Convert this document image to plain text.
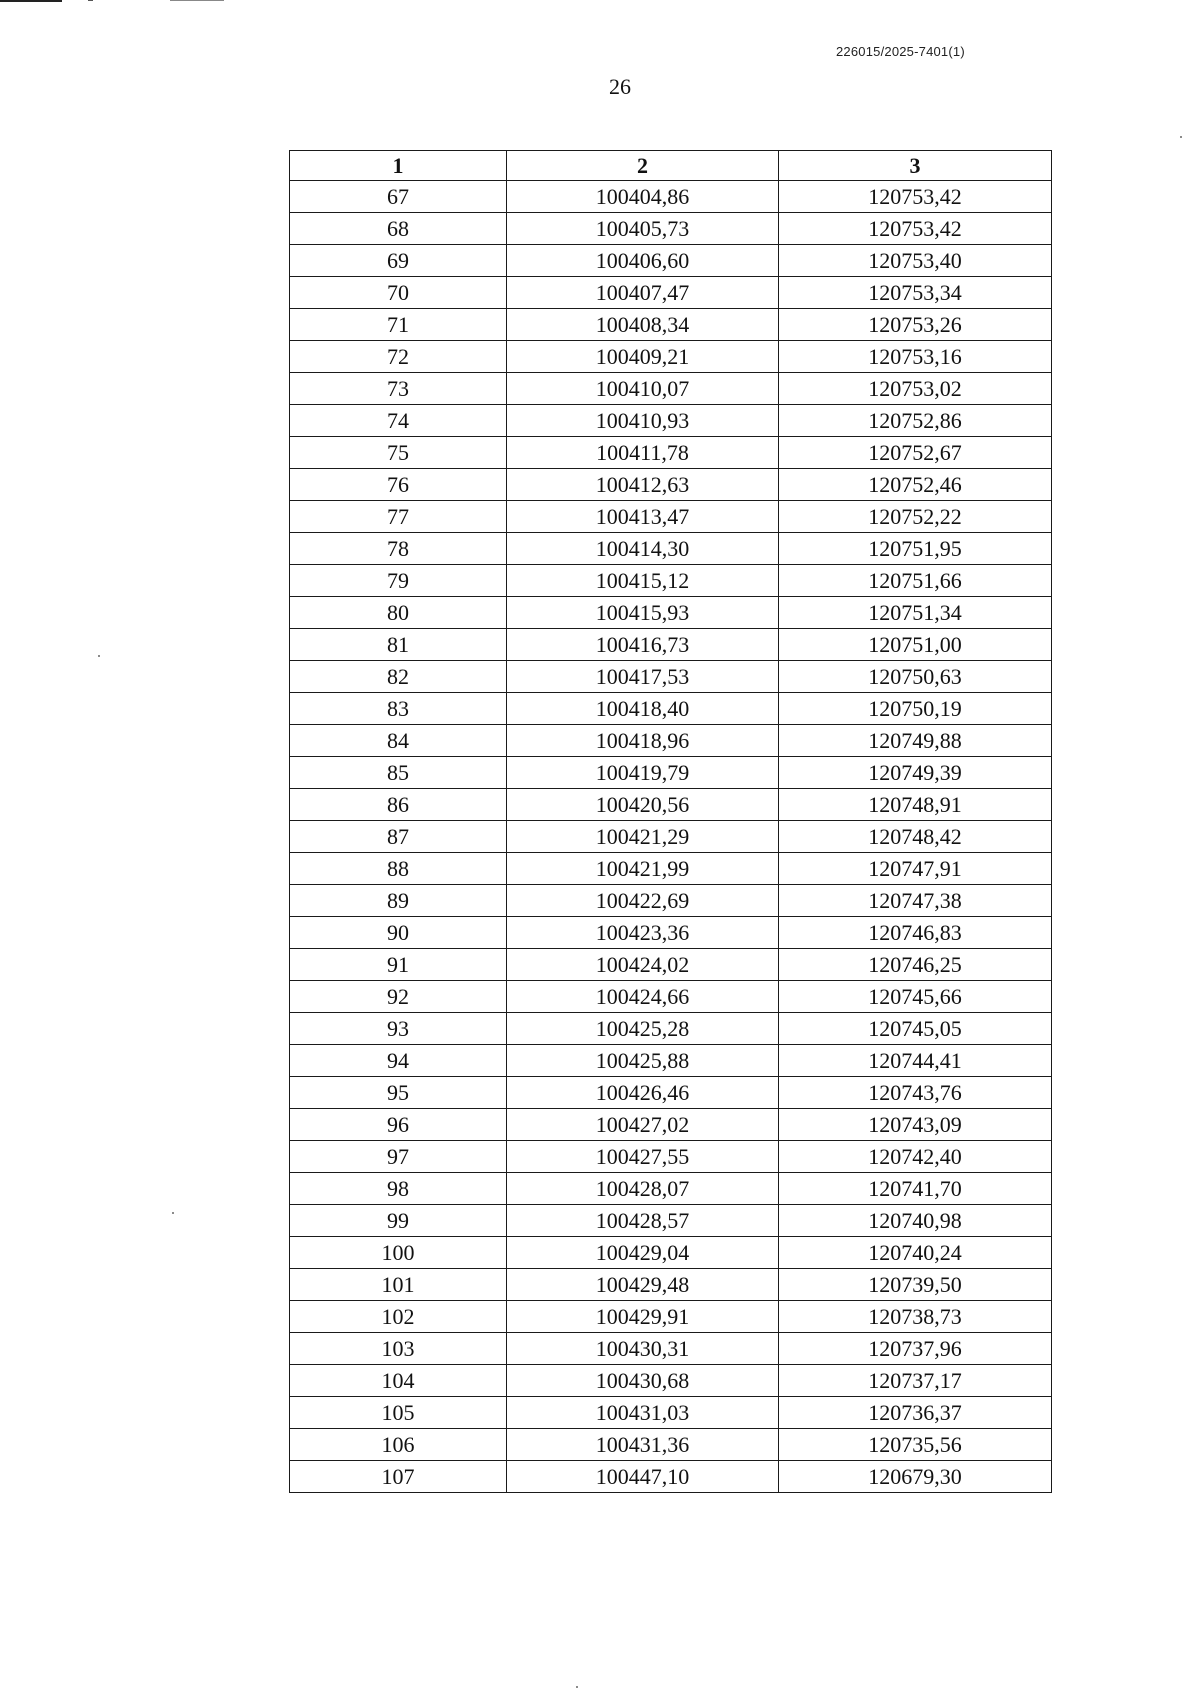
226015/2025-7401(1)
26
1	2	3
67	100404,86	120753,42
68	100405,73	120753,42
69	100406,60	120753,40
70	100407,47	120753,34
71	100408,34	120753,26
72	100409,21	120753,16
73	100410,07	120753,02
74	100410,93	120752,86
75	100411,78	120752,67
76	100412,63	120752,46
77	100413,47	120752,22
78	100414,30	120751,95
79	100415,12	120751,66
80	100415,93	120751,34
81	100416,73	120751,00
82	100417,53	120750,63
83	100418,40	120750,19
84	100418,96	120749,88
85	100419,79	120749,39
86	100420,56	120748,91
87	100421,29	120748,42
88	100421,99	120747,91
89	100422,69	120747,38
90	100423,36	120746,83
91	100424,02	120746,25
92	100424,66	120745,66
93	100425,28	120745,05
94	100425,88	120744,41
95	100426,46	120743,76
96	100427,02	120743,09
97	100427,55	120742,40
98	100428,07	120741,70
99	100428,57	120740,98
100	100429,04	120740,24
101	100429,48	120739,50
102	100429,91	120738,73
103	100430,31	120737,96
104	100430,68	120737,17
105	100431,03	120736,37
106	100431,36	120735,56
107	100447,10	120679,30
